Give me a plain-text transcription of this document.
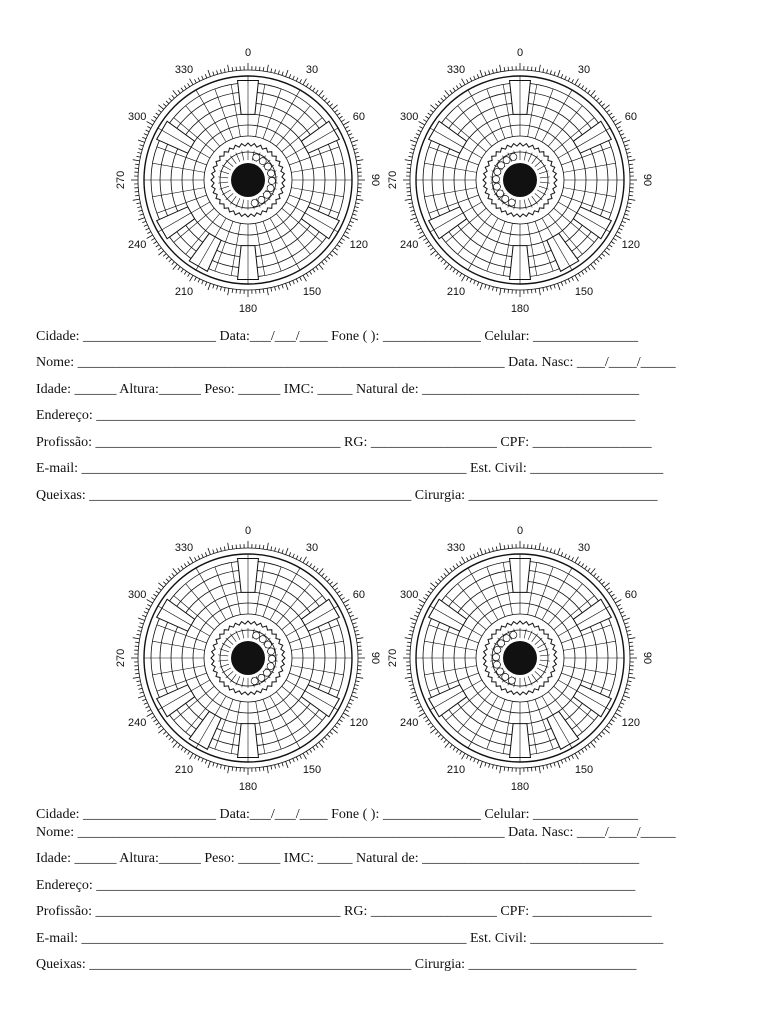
0
30
60
90
120
150
180
210
240
270
300
330
0
30
60
90
120
150
180
210
240
270
300
330
Cidade: ___________________ Data:___/___/____ Fone ( ): ______________ Celular: _______________
Nome: _____________________________________________________________ Data. Nasc: ____/____/_____
Idade: ______ Altura:______ Peso: ______ IMC: _____ Natural de: _______________________________
Endereço: _____________________________________________________________________________
Profissão: ___________________________________ RG: __________________ CPF: _________________
E-mail: _______________________________________________________ Est. Civil: ___________________
Queixas: ______________________________________________ Cirurgia: ___________________________
0
30
60
90
120
150
180
210
240
270
300
330
0
30
60
90
120
150
180
210
240
270
300
330
Cidade: ___________________ Data:___/___/____ Fone ( ): ______________ Celular: _______________
Nome: _____________________________________________________________ Data. Nasc: ____/____/_____
Idade: ______ Altura:______ Peso: ______ IMC: _____ Natural de: _______________________________
Endereço: _____________________________________________________________________________
Profissão: ___________________________________ RG: __________________ CPF: _________________
E-mail: _______________________________________________________ Est. Civil: ___________________
Queixas: ______________________________________________ Cirurgia: ________________________
